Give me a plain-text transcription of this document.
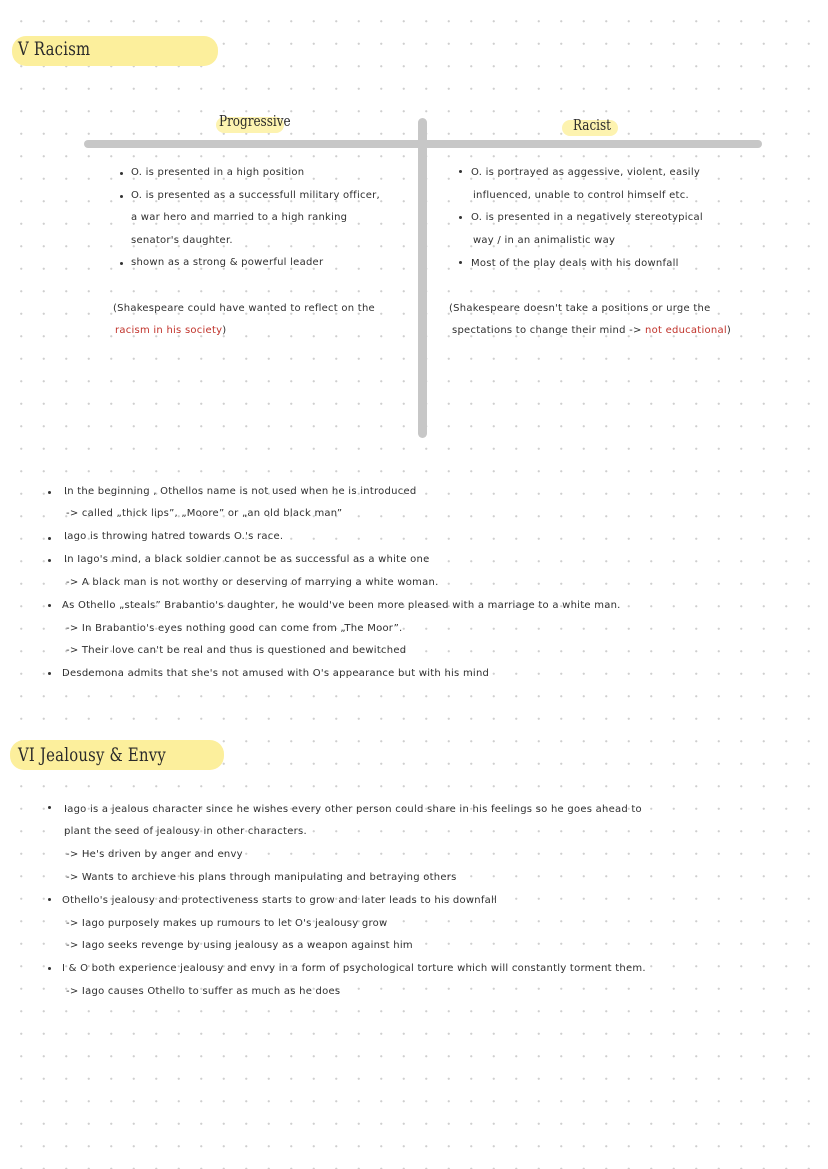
V Racism
Progressive	Racist
O. is presented in a high position
O. is presented as a successfull military officer,
a war hero and married to a high ranking
senator's daughter.
shown as a strong & powerful leader
(Shakespeare could have wanted to reflect on the
racism in his society)
O. is portrayed as aggessive, violent, easily
influenced, unable to control himself etc.
O. is presented in a negatively stereotypical
way / in an animalistic way
Most of the play deals with his downfall
(Shakespeare doesn't take a positions or urge the
spectations to change their mind -> not educational)
In the beginning , Othellos name is not used when he is introduced
-> called „thick lips”, „Moore” or „an old black man”
Iago is throwing hatred towards O.'s race.
In Iago's mind, a black soldier cannot be as successful as a white one
-> A black man is not worthy or deserving of marrying a white woman.
As Othello „steals” Brabantio's daughter, he would've been more pleased with a marriage to a white man.
-> In Brabantio's eyes nothing good can come from „The Moor”.
-> Their love can't be real and thus is questioned and bewitched
Desdemona admits that she's not amused with O's appearance but with his mind
VI Jealousy & Envy
Iago is a jealous character since he wishes every other person could share in his feelings so he goes ahead to
plant the seed of jealousy in other characters.
-> He's driven by anger and envy
-> Wants to archieve his plans through manipulating and betraying others
Othello's jealousy and protectiveness starts to grow and later leads to his downfall
-> Iago purposely makes up rumours to let O's jealousy grow
-> Iago seeks revenge by using jealousy as a weapon against him
I & O both experience jealousy and envy in a form of psychological torture which will constantly torment them.
-> Iago causes Othello to suffer as much as he does
